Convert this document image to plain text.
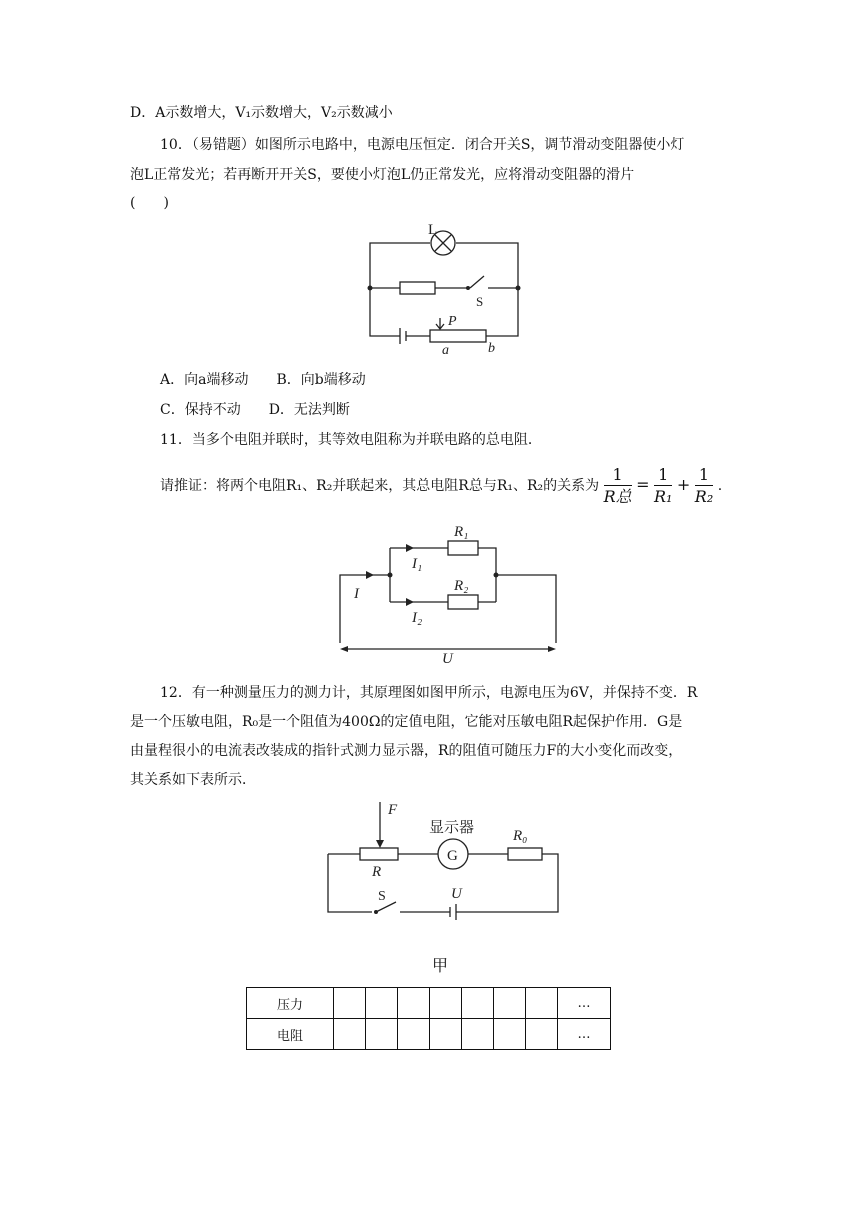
D．A示数增大，V₁示数增大，V₂示数减小
10．（易错题）如图所示电路中，电源电压恒定．闭合开关S，调节滑动变阻器使小灯
泡L正常发光；若再断开开关S，要使小灯泡L仍正常发光，应将滑动变阻器的滑片
(　　)
L
S
P
a	b
A．向a端移动　　B．向b端移动
C．保持不动　　D．无法判断
11．当多个电阻并联时，其等效电阻称为并联电路的总电阻．
请推证：将两个电阻R₁、R₂并联起来，其总电阻R总与R₁、R₂的关系为 $\frac{1}{\text{R总}} = \frac{1}{\text{R₁}} + \frac{1}{\text{R₂}}$ .
R₁
R₂
I₁
I₂
I
U
12．有一种测量压力的测力计，其原理图如图甲所示，电源电压为6V，并保持不变．R
是一个压敏电阻，R₀是一个阻值为400Ω的定值电阻，它能对压敏电阻R起保护作用．G是
由量程很小的电流表改装成的指针式测力显示器，R的阻值可随压力F的大小变化而改变，
其关系如下表所示．
F
显示器
G
R₀
R
S	U
甲
压力								…
电阻								…
